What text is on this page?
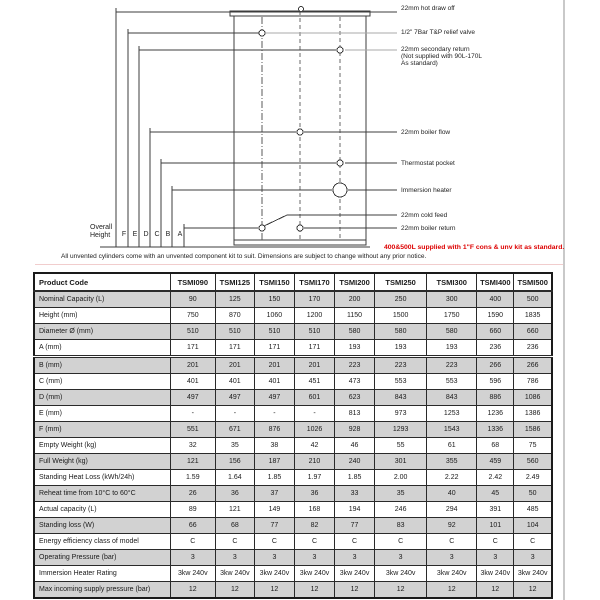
22mm hot draw off
1/2" 7Bar T&P relief valve
22mm secondary return
(Not supplied with 90L-170L
As standard)
22mm boiler flow
Thermostat pocket
Immersion heater
22mm cold feed
22mm boiler return
Overall
Height	F E D C B	A
400&500L supplied with 1"F cons & unv kit as standard.
All unvented cylinders come with an unvented component kit to suit. Dimensions are subject to change without any prior notice.
Product Code	TSMI090	TSMI125	TSMI150	TSMI170	TSMI200	TSMI250	TSMI300	TSMI400	TSMI500
Nominal Capacity (L)	90	125	150	170	200	250	300	400	500
Height (mm)	750	870	1060	1200	1150	1500	1750	1590	1835
Diameter Ø (mm)	510	510	510	510	580	580	580	660	660
A (mm)	171	171	171	171	193	193	193	236	236
B (mm)	201	201	201	201	223	223	223	266	266
C (mm)	401	401	401	451	473	553	553	596	786
D (mm)	497	497	497	601	623	843	843	886	1086
E (mm)	-	-	-	-	813	973	1253	1236	1386
F (mm)	551	671	876	1026	928	1293	1543	1336	1586
Empty Weight (kg)	32	35	38	42	46	55	61	68	75
Full Weight (kg)	121	156	187	210	240	301	355	459	560
Standing Heat Loss (kWh/24h)	1.59	1.64	1.85	1.97	1.85	2.00	2.22	2.42	2.49
Reheat time from 10°C to 60°C	26	36	37	36	33	35	40	45	50
Actual capacity (L)	89	121	149	168	194	246	294	391	485
Standing loss (W)	66	68	77	82	77	83	92	101	104
Energy efficiency class of model	C	C	C	C	C	C	C	C	C
Operating Pressure (bar)	3	3	3	3	3	3	3	3	3
Immersion Heater Rating	3kw 240v	3kw 240v	3kw 240v	3kw 240v	3kw 240v	3kw 240v	3kw 240v	3kw 240v	3kw 240v
Max incoming supply pressure (bar)	12	12	12	12	12	12	12	12	12
